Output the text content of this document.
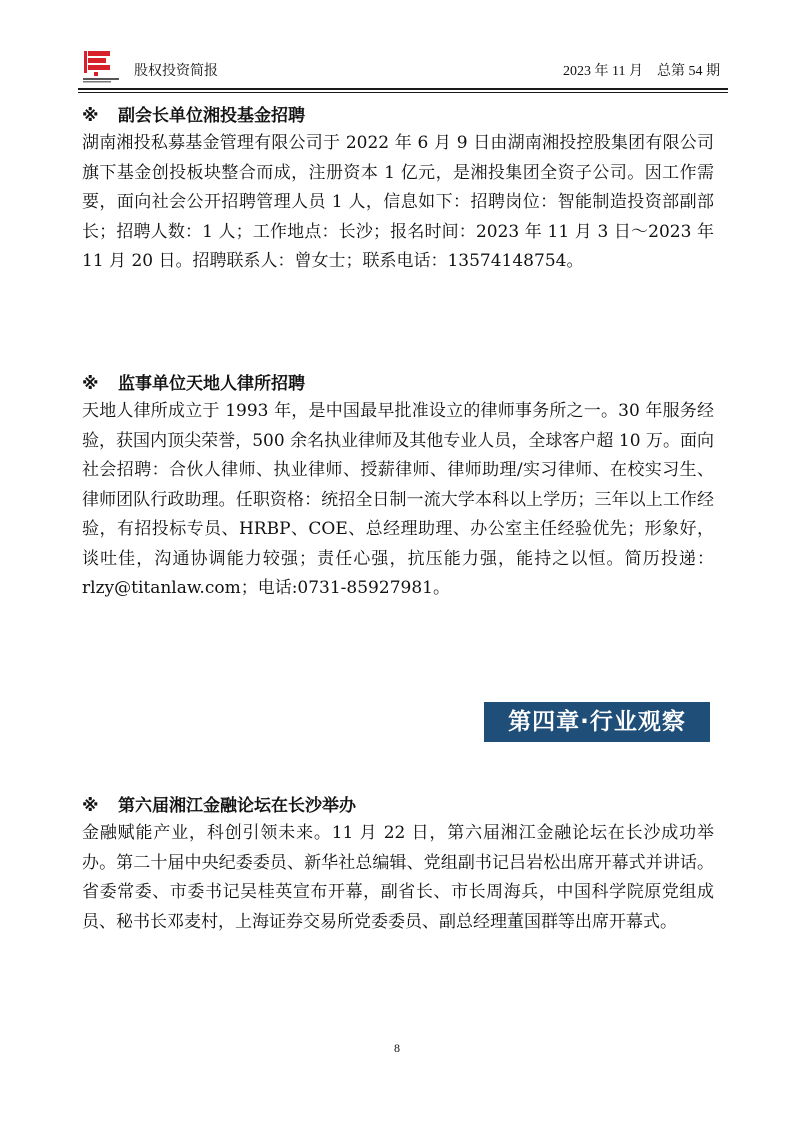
股权投资简报	2023 年 11 月 总第 54 期
※ 副会长单位湘投基金招聘

湖南湘投私募基金管理有限公司于 2022 年 6 月 9 日由湖南湘投控股集团有限公司旗下基金创投板块整合而成，注册资本 1 亿元，是湘投集团全资子公司。因工作需要，面向社会公开招聘管理人员 1 人，信息如下：招聘岗位：智能制造投资部副部长；招聘人数：1 人；工作地点：长沙；报名时间：2023 年 11 月 3 日～2023 年 11 月 20 日。招聘联系人：曾女士；联系电话：13574148754。

※ 监事单位天地人律所招聘

天地人律所成立于 1993 年，是中国最早批准设立的律师事务所之一。30 年服务经验，获国内顶尖荣誉，500 余名执业律师及其他专业人员，全球客户超 10 万。面向社会招聘：合伙人律师、执业律师、授薪律师、律师助理/实习律师、在校实习生、律师团队行政助理。任职资格：统招全日制一流大学本科以上学历；三年以上工作经验，有招投标专员、HRBP、COE、总经理助理、办公室主任经验优先；形象好，谈吐佳，沟通协调能力较强；责任心强，抗压能力强，能持之以恒。简历投递：rlzy@titanlaw.com；电话:0731-85927981。

第四章·行业观察
※ 第六届湘江金融论坛在长沙举办

金融赋能产业，科创引领未来。11 月 22 日，第六届湘江金融论坛在长沙成功举办。第二十届中央纪委委员、新华社总编辑、党组副书记吕岩松出席开幕式并讲话。省委常委、市委书记吴桂英宣布开幕，副省长、市长周海兵，中国科学院原党组成员、秘书长邓麦村，上海证券交易所党委委员、副总经理董国群等出席开幕式。

8
